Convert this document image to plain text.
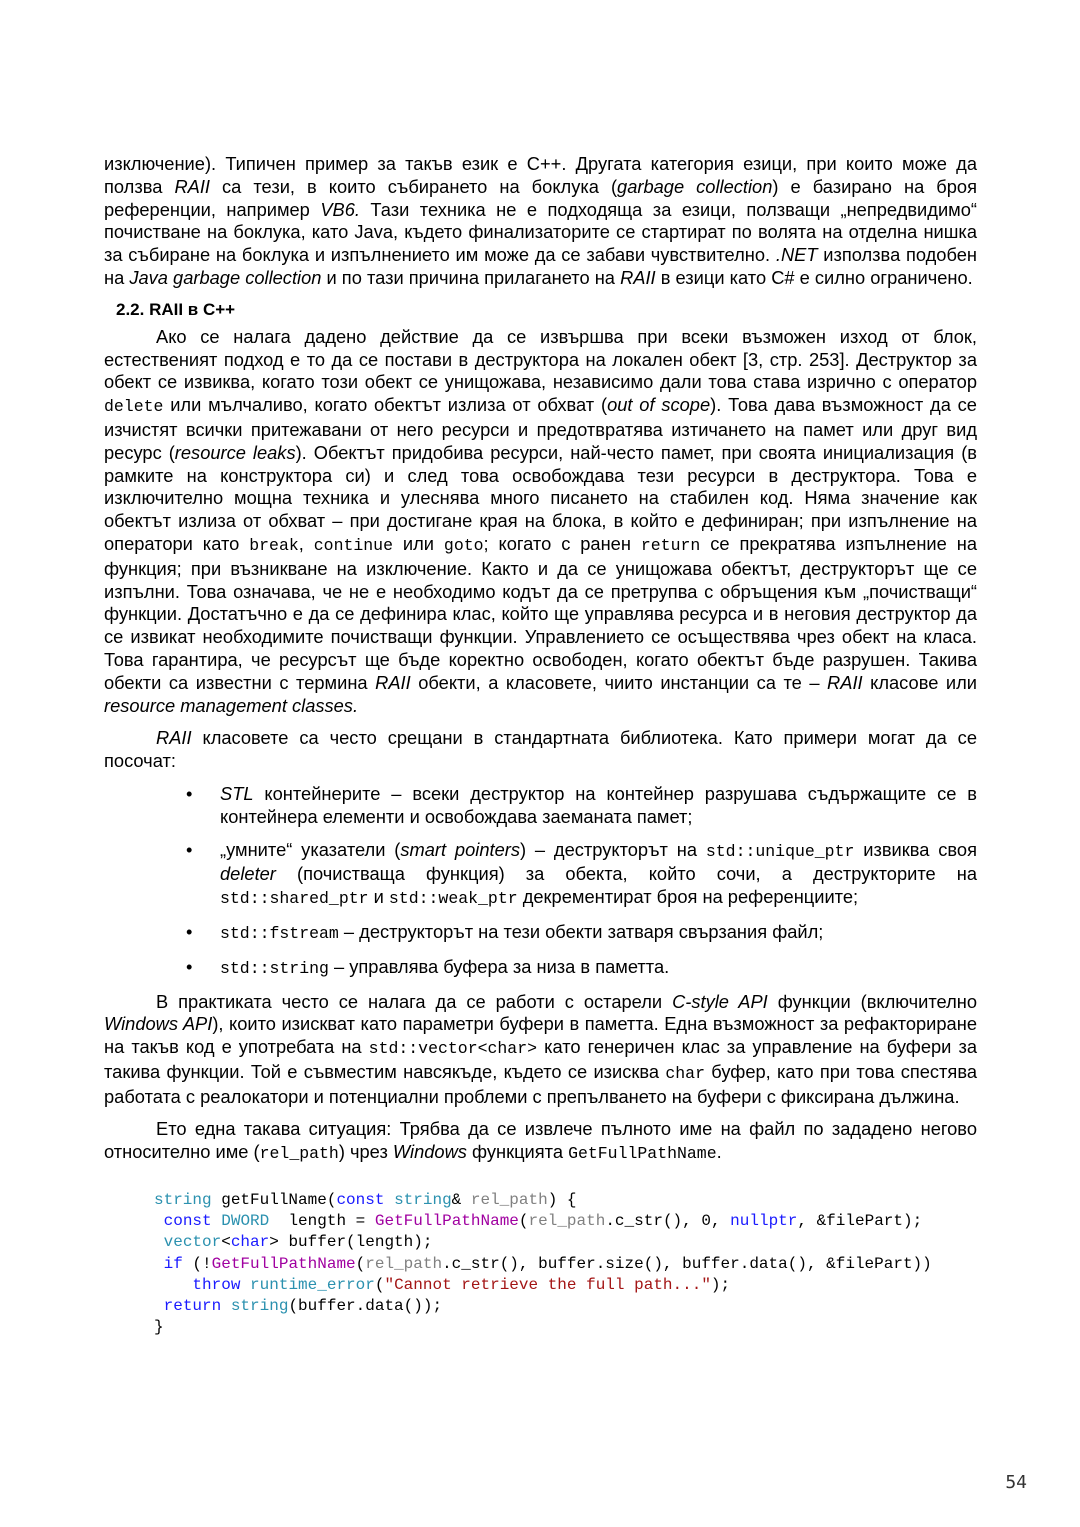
изключение). Типичен пример за такъв език е C++. Другата категория езици, при които може да ползва RAII са тези, в които събирането на боклука (garbage collection) е базирано на броя референции, например VB6. Тази техника не е подходяща за езици, ползващи „непредвидимо“ почистване на боклука, като Java, където финализаторите се стартират по волята на отделна нишка за събиране на боклука и изпълнението им може да се забави чувствително. .NET използва подобен на Java garbage collection и по тази причина прилагането на RAII в езици като C# е силно ограничено.

2.2. RAII в C++

Ако се налага дадено действие да се извършва при всеки възможен изход от блок, естественият подход е то да се постави в деструктора на локален обект [3, стр. 253]. Деструктор за обект се извиква, когато този обект се унищожава, независимо дали това става изрично с оператор delete или мълчаливо, когато обектът излиза от обхват (out of scope). Това дава възможност да се изчистят всички притежавани от него ресурси и предотвратява изтичането на памет или друг вид ресурс (resource leaks). Обектът придобива ресурси, най-често памет, при своята инициализация (в рамките на конструктора си) и след това освобождава тези ресурси в деструктора. Това е изключително мощна техника и улеснява много писането на стабилен код. Няма значение как обектът излиза от обхват – при достигане края на блока, в който е дефиниран; при изпълнение на оператори като break, continue или goto; когато с ранен return се прекратява изпълнение на функция; при възникване на изключение. Както и да се унищожава обектът, деструкторът ще се изпълни. Това означава, че не е необходимо кодът да се претрупва с обръщения към „почистващи“ функции. Достатъчно е да се дефинира клас, който ще управлява ресурса и в неговия деструктор да се извикат необходимите почистващи функции. Управлението се осъществява чрез обект на класа. Това гарантира, че ресурсът ще бъде коректно освободен, когато обектът бъде разрушен. Такива обекти са известни с термина RAII обекти, а класовете, чиито инстанции са те – RAII класове или resource management classes.

RAII класовете са често срещани в стандартната библиотека. Като примери могат да се посочат:

• STL контейнерите – всеки деструктор на контейнер разрушава съдържащите се в контейнера елементи и освобождава заеманата памет;
• „умните“ указатели (smart pointers) – деструкторът на std::unique_ptr извиква своя deleter (почистваща функция) за обекта, който сочи, а деструкторите на std::shared_ptr и std::weak_ptr декрементират броя на референциите;
• std::fstream – деструкторът на тези обекти затваря свързания файл;
• std::string – управлява буфера за низа в паметта.

В практиката често се налага да се работи с остарели C-style API функции (включително Windows API), които изискват като параметри буфери в паметта. Една възможност за рефакториране на такъв код е употребата на std::vector<char> като генеричен клас за управление на буфери за такива функции. Той е съвместим навсякъде, където се изисква char буфер, като при това спестява работата с реалокатори и потенциални проблеми с препълването на буфери с фиксирана дължина.

Ето една такава ситуация: Трябва да се извлече пълното име на файл по зададено негово относително име (rel_path) чрез Windows функцията GetFullPathName.

string getFullName(const string& rel_path) {
const DWORD  length = GetFullPathName(rel_path.c_str(), 0, nullptr, &filePart);
vector<char> buffer(length);
if (!GetFullPathName(rel_path.c_str(), buffer.size(), buffer.data(), &filePart))
throw runtime_error("Cannot retrieve the full path...");
return string(buffer.data());
}
54
